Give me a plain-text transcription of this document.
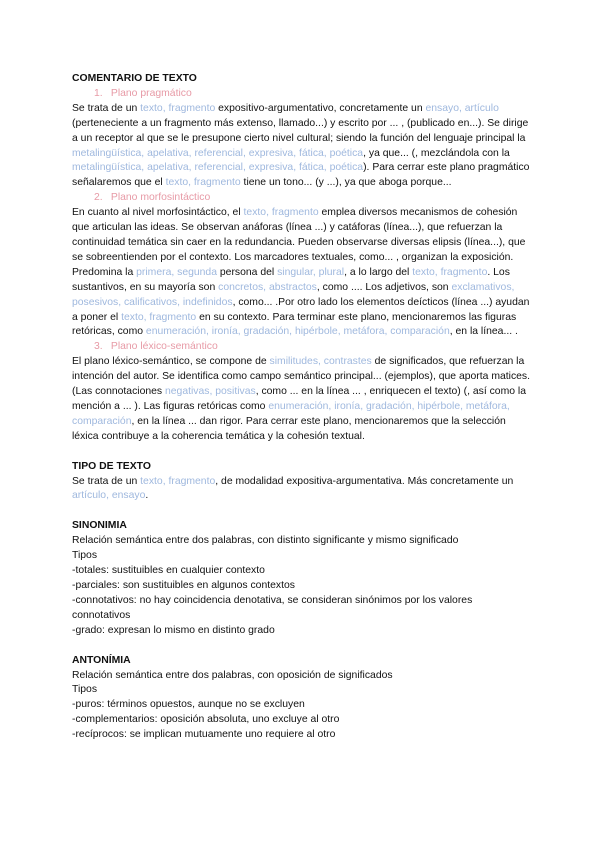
COMENTARIO DE TEXTO
1. Plano pragmático

Se trata de un texto, fragmento expositivo-argumentativo, concretamente un ensayo, artículo (perteneciente a un fragmento más extenso, llamado...) y escrito por ... , (publicado en...). Se dirige a un receptor al que se le presupone cierto nivel cultural; siendo la función del lenguaje principal la metalingüística, apelativa, referencial, expresiva, fática, poética, ya que... (, mezclándola con la metalingüística, apelativa, referencial, expresiva, fática, poética). Para cerrar este plano pragmático señalaremos que el texto, fragmento tiene un tono... (y ...), ya que aboga porque...

2. Plano morfosintáctico

En cuanto al nivel morfosintáctico, el texto, fragmento emplea diversos mecanismos de cohesión que articulan las ideas. Se observan anáforas (línea ...) y catáforas (línea...), que refuerzan la continuidad temática sin caer en la redundancia. Pueden observarse diversas elipsis (línea...), que se sobreentienden por el contexto. Los marcadores textuales, como... , organizan la exposición. Predomina la primera, segunda persona del singular, plural, a lo largo del texto, fragmento. Los sustantivos, en su mayoría son concretos, abstractos, como .... Los adjetivos, son exclamativos, posesivos, calificativos, indefinidos, como... .Por otro lado los elementos deícticos (línea ...) ayudan a poner el texto, fragmento en su contexto. Para terminar este plano, mencionaremos las figuras retóricas, como enumeración, ironía, gradación, hipérbole, metáfora, comparación, en la línea... .

3. Plano léxico-semántico

El plano léxico-semántico, se compone de similitudes, contrastes de significados, que refuerzan la intención del autor. Se identifica como campo semántico principal... (ejemplos), que aporta matices. (Las connotaciones negativas, positivas, como ... en la línea ... , enriquecen el texto) (, así como la mención a ... ). Las figuras retóricas como enumeración, ironía, gradación, hipérbole, metáfora, comparación, en la línea ... dan rigor. Para cerrar este plano, mencionaremos que la selección léxica contribuye a la coherencia temática y la cohesión textual.

TIPO DE TEXTO

Se trata de un texto, fragmento, de modalidad expositiva-argumentativa. Más concretamente un artículo, ensayo.

SINONIMIA

Relación semántica entre dos palabras, con distinto significante y mismo significado

Tipos

-totales: sustituibles en cualquier contexto

-parciales: son sustituibles en algunos contextos

-connotativos: no hay coincidencia denotativa, se consideran sinónimos por los valores connotativos

-grado: expresan lo mismo en distinto grado

ANTONÍMIA

Relación semántica entre dos palabras, con oposición de significados

Tipos

-puros: términos opuestos, aunque no se excluyen

-complementarios: oposición absoluta, uno excluye al otro

-recíprocos: se implican mutuamente uno requiere al otro
